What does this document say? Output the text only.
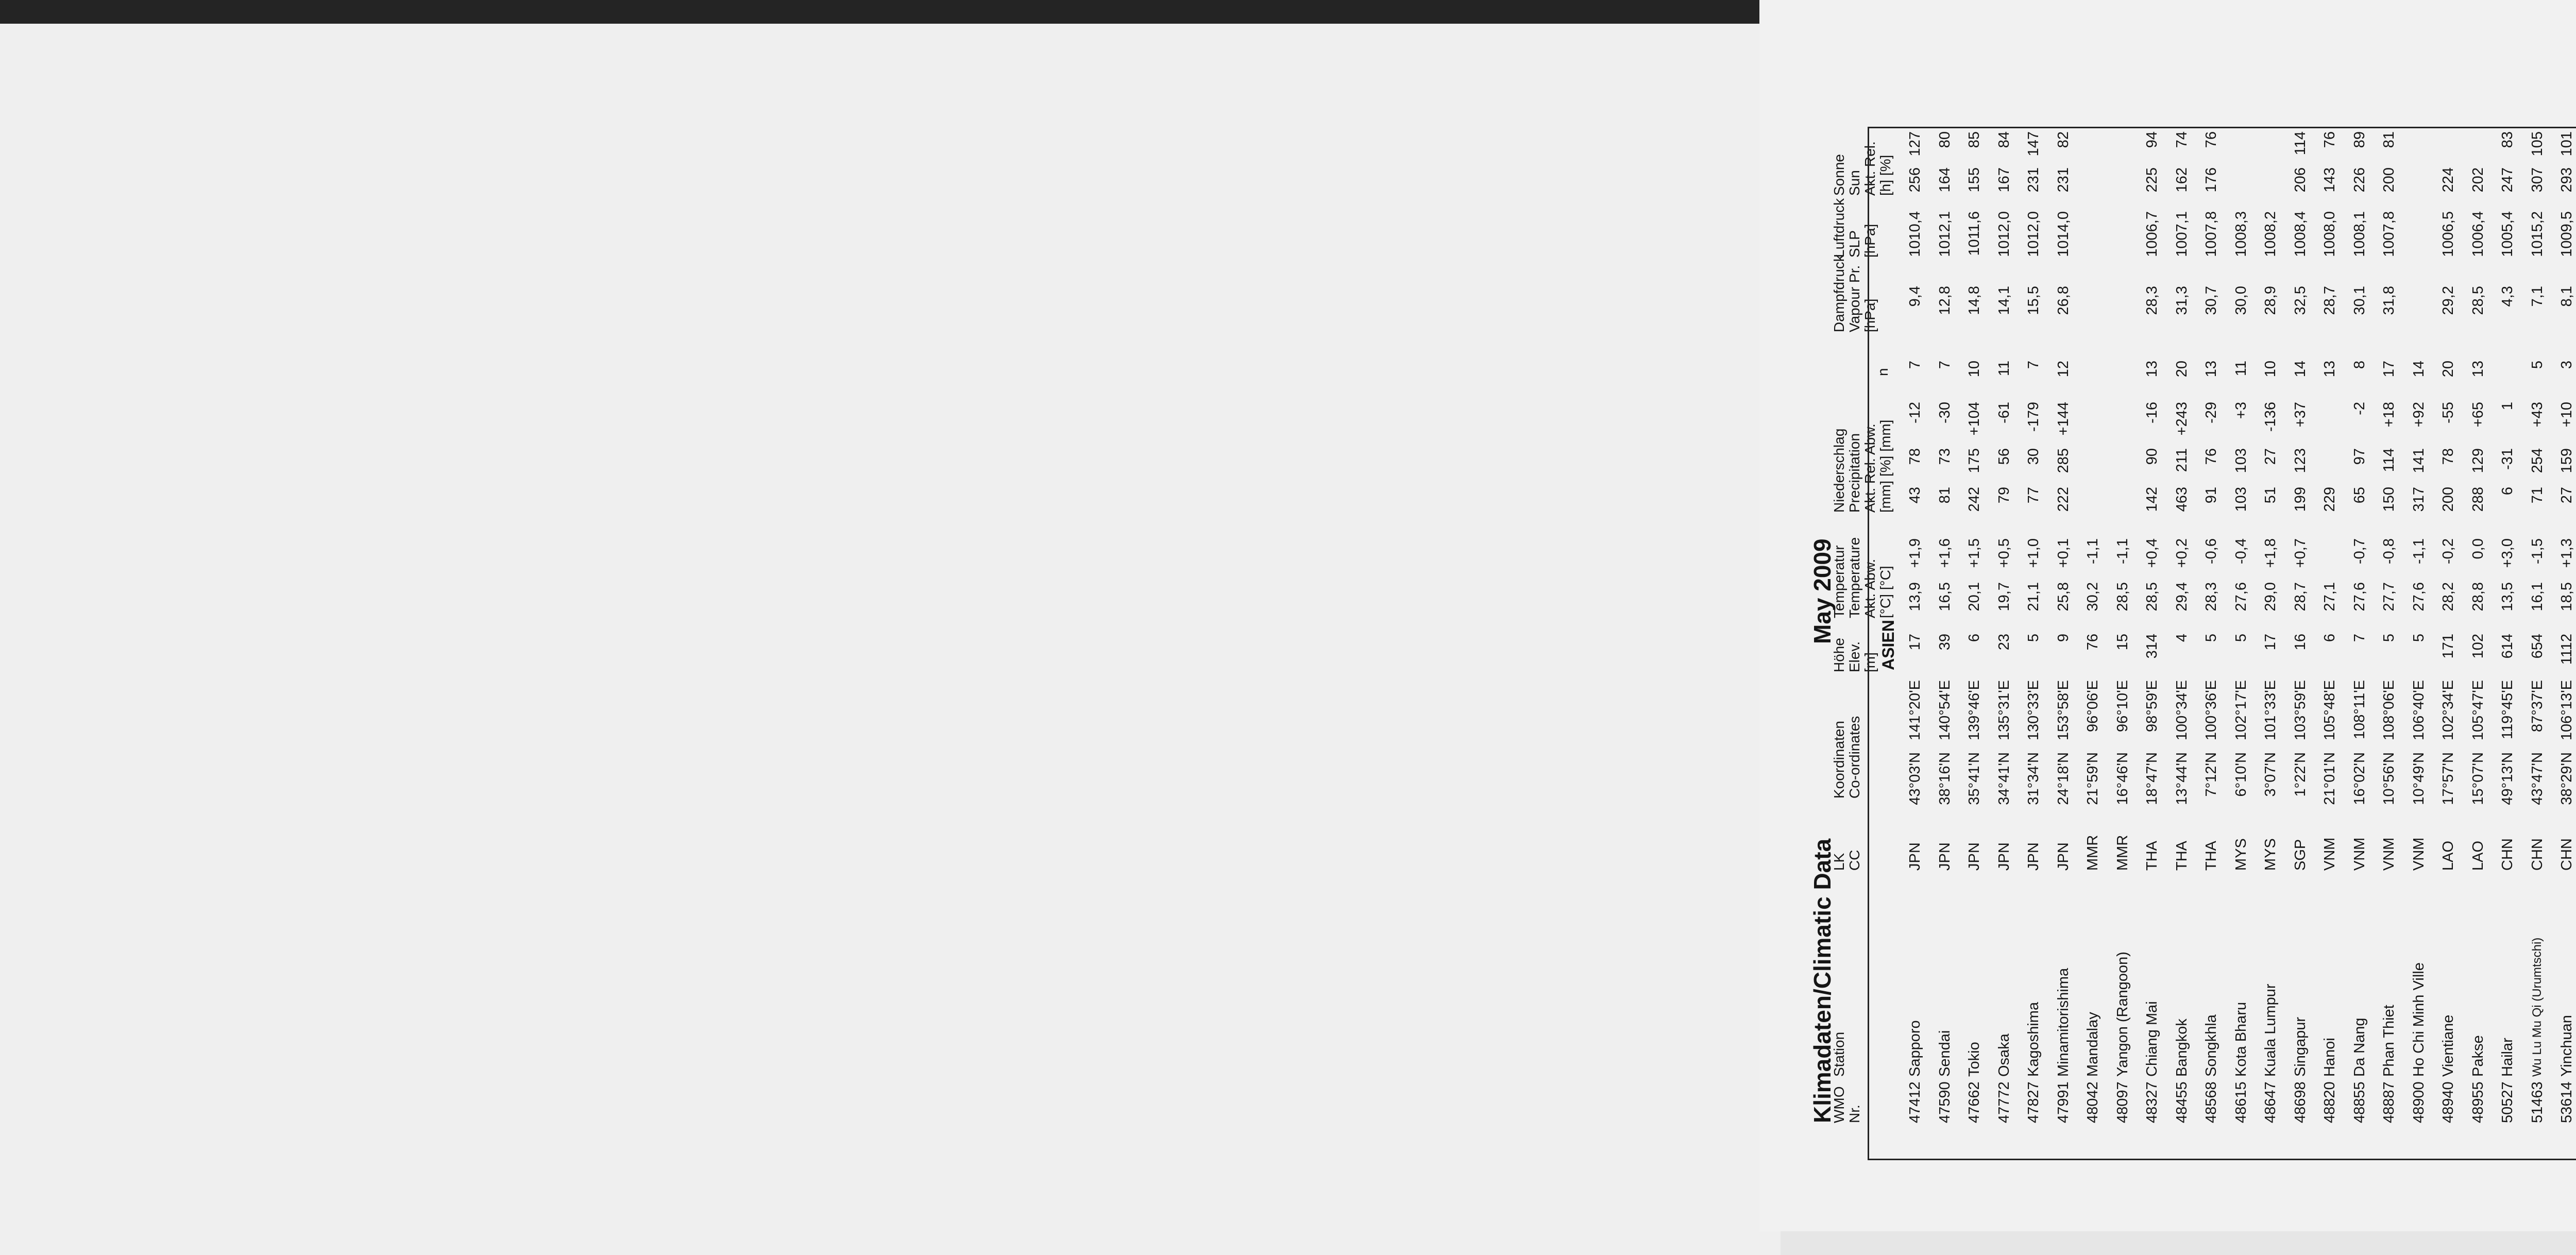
Klimadaten/Climatic Data
May 2009
WMO
Nr.
Station
LK
CC
Koordinaten
Co-ordinates
Höhe
Elev.
[m]
Temperatur
Temperature
Akt. Abw.
[°C] [°C]
Niederschlag
Precipitation
Akt. Rel. Abw.
[mm] [%] [mm]
n
Dampfdruck
Vapour Pr.
[hPa]
Luftdruck
SLP
[hPa]
Sonne
Sun
Akt. Rel.
[h] [%]
ASIEN
47412
Sapporo
JPN
43°03'N
141°20'E
17
13,9
+1,9
43
78
-12
7
9,4
1010,4
256
127
47590
Sendai
JPN
38°16'N
140°54'E
39
16,5
+1,6
81
73
-30
7
12,8
1012,1
164
80
47662
Tokio
JPN
35°41'N
139°46'E
6
20,1
+1,5
242
175
+104
10
14,8
1011,6
155
85
47772
Osaka
JPN
34°41'N
135°31'E
23
19,7
+0,5
79
56
-61
11
14,1
1012,0
167
84
47827
Kagoshima
JPN
31°34'N
130°33'E
5
21,1
+1,0
77
30
-179
7
15,5
1012,0
231
147
47991
Minamitorishima
JPN
24°18'N
153°58'E
9
25,8
+0,1
222
285
+144
12
26,8
1014,0
231
82
48042
Mandalay
MMR
21°59'N
96°06'E
76
30,2
-1,1
48097
Yangon (Rangoon)
MMR
16°46'N
96°10'E
15
28,5
-1,1
48327
Chiang Mai
THA
18°47'N
98°59'E
314
28,5
+0,4
142
90
-16
13
28,3
1006,7
225
94
48455
Bangkok
THA
13°44'N
100°34'E
4
29,4
+0,2
463
211
+243
20
31,3
1007,1
162
74
48568
Songkhla
THA
7°12'N
100°36'E
5
28,3
-0,6
91
76
-29
13
30,7
1007,8
176
76
48615
Kota Bharu
MYS
6°10'N
102°17'E
5
27,6
-0,4
103
103
+3
11
30,0
1008,3
48647
Kuala Lumpur
MYS
3°07'N
101°33'E
17
29,0
+1,8
51
27
-136
10
28,9
1008,2
48698
Singapur
SGP
1°22'N
103°59'E
16
28,7
+0,7
199
123
+37
14
32,5
1008,4
206
114
48820
Hanoi
VNM
21°01'N
105°48'E
6
27,1
229
13
28,7
1008,0
143
76
48855
Da Nang
VNM
16°02'N
108°11'E
7
27,6
-0,7
65
97
-2
8
30,1
1008,1
226
89
48887
Phan Thiet
VNM
10°56'N
108°06'E
5
27,7
-0,8
150
114
+18
17
31,8
1007,8
200
81
48900
Ho Chi Minh Ville
VNM
10°49'N
106°40'E
5
27,6
-1,1
317
141
+92
14
48940
Vientiane
LAO
17°57'N
102°34'E
171
28,2
-0,2
200
78
-55
20
29,2
1006,5
224
48955
Pakse
LAO
15°07'N
105°47'E
102
28,8
0,0
288
129
+65
13
28,5
1006,4
202
50527
Hailar
CHN
49°13'N
119°45'E
614
13,5
+3,0
6
-31
1
4,3
1005,4
247
83
51463
Wu Lu Mu Qi (Urumtschi)
CHN
43°47'N
87°37'E
654
16,1
-1,5
71
254
+43
5
7,1
1015,2
307
105
53614
Yinchuan
CHN
38°29'N
106°13'E
1112
18,5
+1,3
27
159
+10
3
8,1
1009,5
293
101
